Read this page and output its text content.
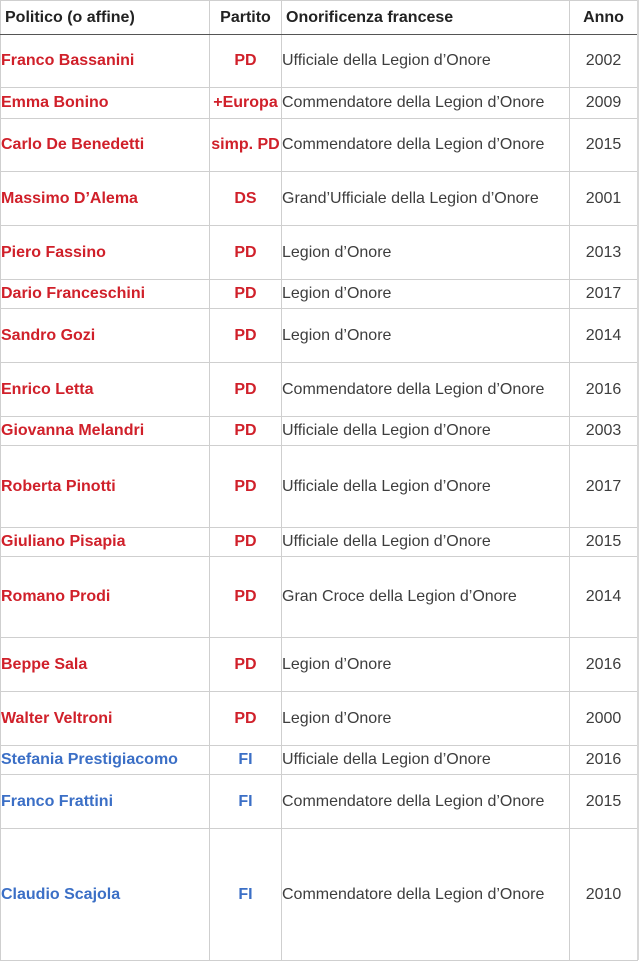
Politico (o affine)	Partito	Onorificenza francese	Anno
Franco Bassanini	PD	Ufficiale della Legion d’Onore	2002
Emma Bonino	+Europa	Commendatore della Legion d’Onore	2009
Carlo De Benedetti	simp. PD	Commendatore della Legion d’Onore	2015
Massimo D’Alema	DS	Grand’Ufficiale della Legion d’Onore	2001
Piero Fassino	PD	Legion d’Onore	2013
Dario Franceschini	PD	Legion d’Onore	2017
Sandro Gozi	PD	Legion d’Onore	2014
Enrico Letta	PD	Commendatore della Legion d’Onore	2016
Giovanna Melandri	PD	Ufficiale della Legion d’Onore	2003
Roberta Pinotti	PD	Ufficiale della Legion d’Onore	2017
Giuliano Pisapia	PD	Ufficiale della Legion d’Onore	2015
Romano Prodi	PD	Gran Croce della Legion d’Onore	2014
Beppe Sala	PD	Legion d’Onore	2016
Walter Veltroni	PD	Legion d’Onore	2000
Stefania Prestigiacomo	FI	Ufficiale della Legion d’Onore	2016
Franco Frattini	FI	Commendatore della Legion d’Onore	2015
Claudio Scajola	FI	Commendatore della Legion d’Onore	2010
